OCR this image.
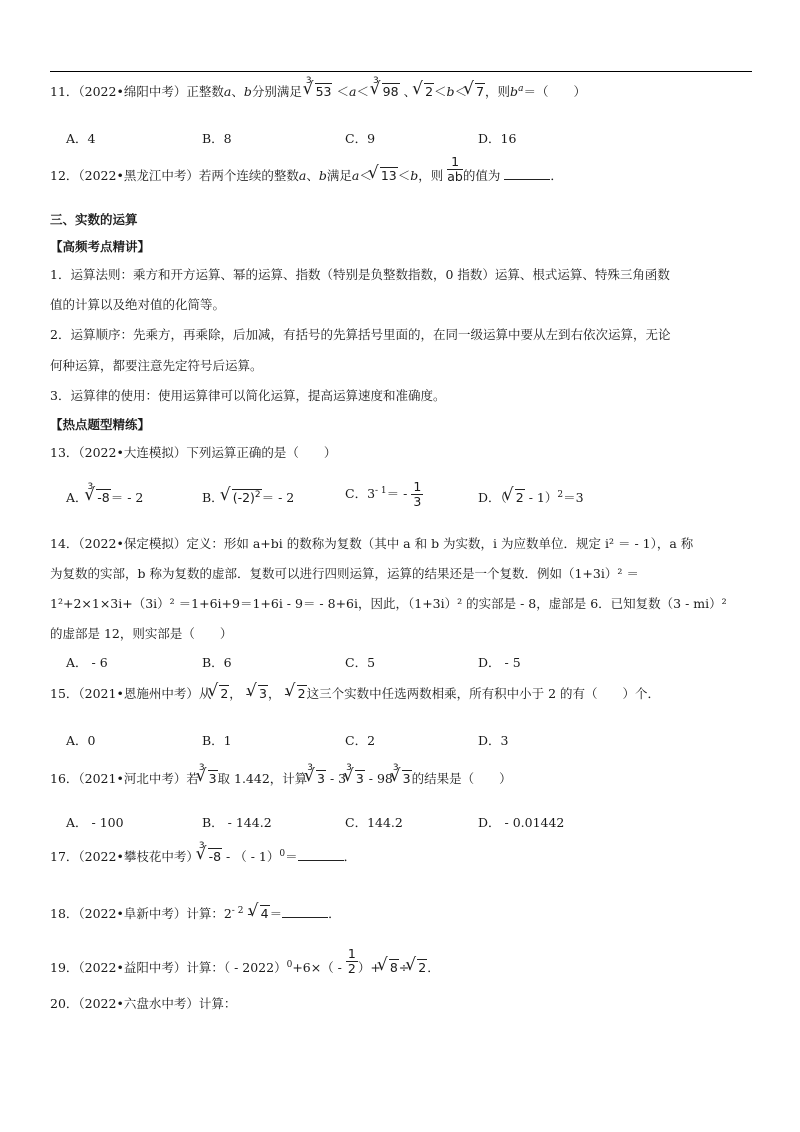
11．（2022•绵阳中考）正整数a、b分别满足 $^3$√ 53 ＜a＜ $^3$√ 98 、 √ 2＜b＜ √ 7，则$b^a=$（　　）
A．4	B．8	C．9	D．16
12．（2022•黑龙江中考）若两个连续的整数a、b满足a＜ √ 13＜b，则 $\frac{1}{ab}$ 的值为	．
三、实数的运算
【高频考点精讲】
1．运算法则：乘方和开方运算、幂的运算、指数（特别是负整数指数，0 指数）运算、根式运算、特殊三角函数
值的计算以及绝对值的化简等。
2．运算顺序：先乘方，再乘除，后加减，有括号的先算括号里面的，在同一级运算中要从左到右依次运算，无论
何种运算，都要注意先定符号后运算。
3．运算律的使用：使用运算律可以简化运算，提高运算速度和准确度。
【热点题型精练】
13．（2022•大连模拟）下列运算正确的是（　　）
A．$^3$√ -8＝ - 2	B． √ $(-2)^2= - 2$	C．$3^{- 1}= - \frac{1}{3}$	D．（ √ 2 - 1）$^2$＝3
14．（2022•保定模拟）定义：形如 a+bi 的数称为复数（其中 a 和 b 为实数，i 为应数单位．规定 i² ＝ - 1），a 称
为复数的实部，b 称为复数的虚部．复数可以进行四则运算，运算的结果还是一个复数．例如（1+3i）² ＝
1²+2×1×3i+（3i）² ＝1+6i+9＝1+6i - 9＝ - 8+6i，因此，（1+3i）² 的实部是 - 8，虚部是 6．已知复数（3 - mi）²
的虚部是 12，则实部是（　　）
A． - 6	B．6	C．5	D． - 5
15．（2021•恩施州中考）从 √ 2， - √ 3， - √ 2这三个实数中任选两数相乘，所有积中小于 2 的有（　　）个．
A．0	B．1	C．2	D．3
16．（2021•河北中考）若$^3$√ 3取 1.442，计算$^3$√ $3 - 3^3√$ $3 - 98^3√$ 3的结果是（　　）
A． - 100	B． - 144.2	C．144.2	D． - 0.01442
17．（2022•攀枝花中考）$^3$√ -8 - （ - 1）$^0$＝	．
18．（2022•阜新中考）计算：$2^{- 2}$ - √ 4＝	．
19．（2022•益阳中考）计算：（ - $2022)^0+6\times( - \frac{1}{2}$ ）+ √ 8÷ √ 2．
20．（2022•六盘水中考）计算：
